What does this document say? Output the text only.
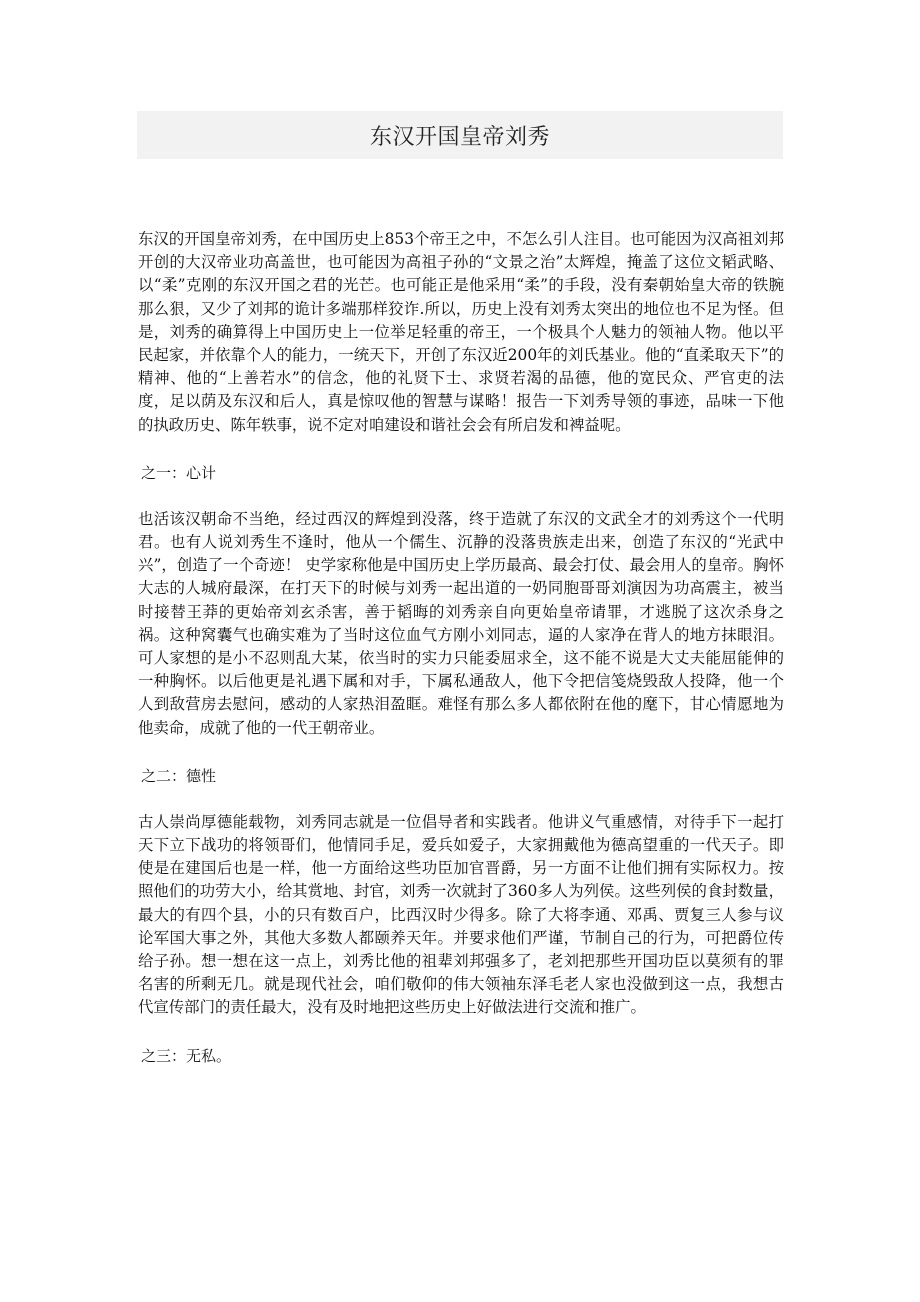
东汉开国皇帝刘秀

东汉的开国皇帝刘秀，在中国历史上853个帝王之中，不怎么引人注目。也可能因为汉高祖刘邦开创的大汉帝业功高盖世，也可能因为高祖子孙的“文景之治”太辉煌，掩盖了这位文韬武略、以“柔”克刚的东汉开国之君的光芒。也可能正是他采用“柔”的手段，没有秦朝始皇大帝的铁腕那么狠，又少了刘邦的诡计多端那样狡诈.所以，历史上没有刘秀太突出的地位也不足为怪。但是，刘秀的确算得上中国历史上一位举足轻重的帝王，一个极具个人魅力的领袖人物。他以平民起家，并依靠个人的能力，一统天下，开创了东汉近200年的刘氏基业。他的“直柔取天下”的精神、他的“上善若水”的信念，他的礼贤下士、求贤若渴的品德，他的宽民众、严官吏的法度，足以荫及东汉和后人，真是惊叹他的智慧与谋略！报告一下刘秀导领的事迹，品味一下他的执政历史、陈年轶事，说不定对咱建设和谐社会会有所启发和裨益呢。

之一：心计

也活该汉朝命不当绝，经过西汉的辉煌到没落，终于造就了东汉的文武全才的刘秀这个一代明君。也有人说刘秀生不逢时，他从一个儒生、沉静的没落贵族走出来，创造了东汉的“光武中兴”，创造了一个奇迹！ 史学家称他是中国历史上学历最高、最会打仗、最会用人的皇帝。胸怀大志的人城府最深，在打天下的时候与刘秀一起出道的一奶同胞哥哥刘演因为功高震主，被当时接替王莽的更始帝刘玄杀害，善于韬晦的刘秀亲自向更始皇帝请罪，才逃脱了这次杀身之祸。这种窝囊气也确实难为了当时这位血气方刚小刘同志，逼的人家净在背人的地方抹眼泪。可人家想的是小不忍则乱大某，依当时的实力只能委屈求全，这不能不说是大丈夫能屈能伸的一种胸怀。以后他更是礼遇下属和对手，下属私通敌人，他下令把信笺烧毁敌人投降，他一个人到敌营房去慰问，感动的人家热泪盈眶。难怪有那么多人都依附在他的麾下，甘心情愿地为他卖命，成就了他的一代王朝帝业。

之二：德性

古人崇尚厚德能载物，刘秀同志就是一位倡导者和实践者。他讲义气重感情，对待手下一起打天下立下战功的将领哥们，他情同手足，爱兵如爱子，大家拥戴他为德高望重的一代天子。即使是在建国后也是一样，他一方面给这些功臣加官晋爵，另一方面不让他们拥有实际权力。按照他们的功劳大小，给其赏地、封官，刘秀一次就封了360多人为列侯。这些列侯的食封数量，最大的有四个县，小的只有数百户，比西汉时少得多。除了大将李通、邓禹、贾复三人参与议论军国大事之外，其他大多数人都颐养天年。并要求他们严谨，节制自己的行为，可把爵位传给子孙。想一想在这一点上，刘秀比他的祖辈刘邦强多了，老刘把那些开国功臣以莫须有的罪名害的所剩无几。就是现代社会，咱们敬仰的伟大领袖东泽毛老人家也没做到这一点，我想古代宣传部门的责任最大，没有及时地把这些历史上好做法进行交流和推广。

之三：无私。
